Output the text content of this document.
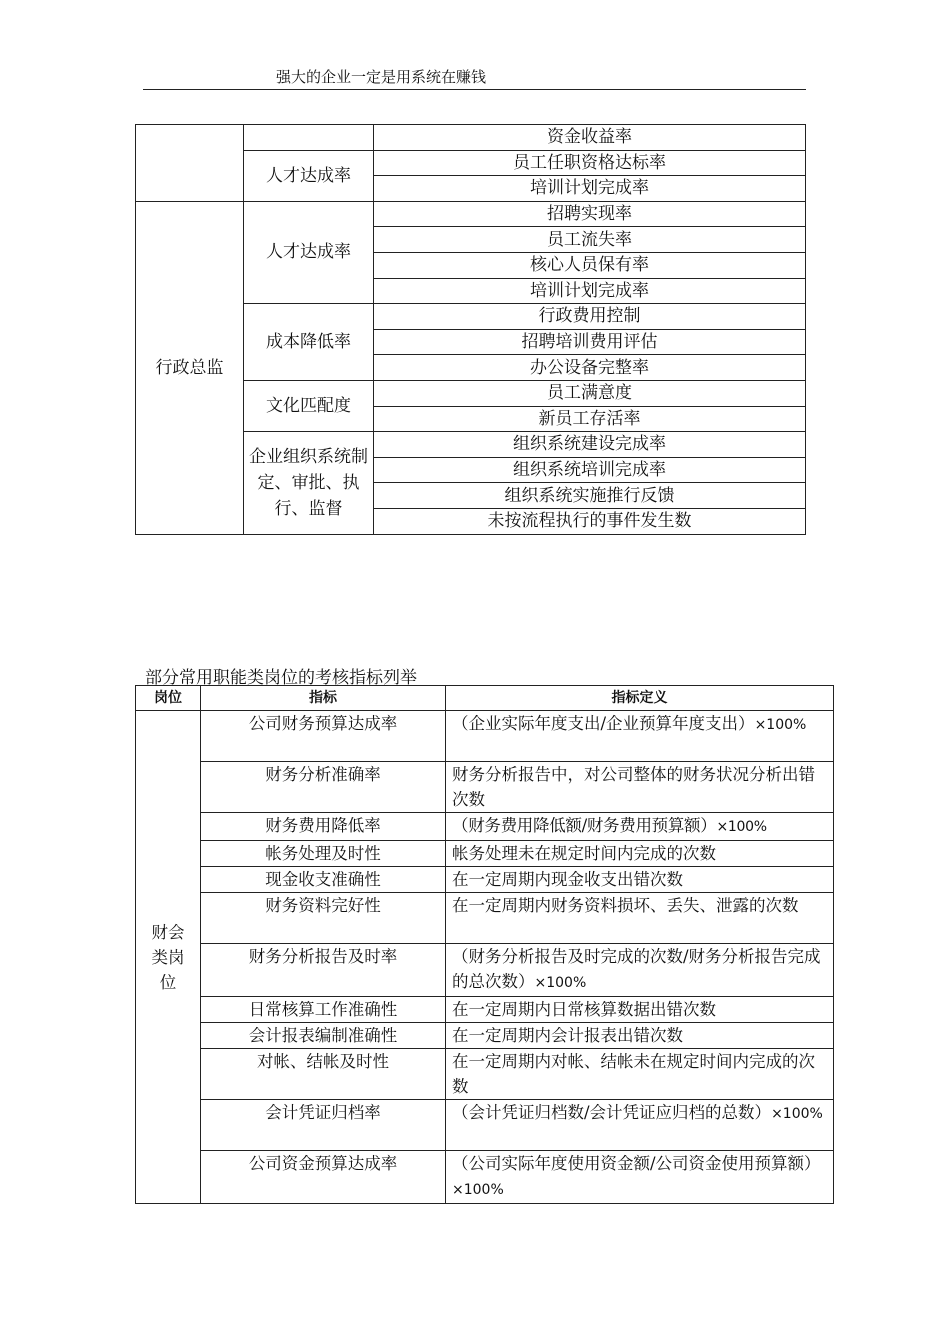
强大的企业一定是用系统在赚钱
		资金收益率
	人才达成率	员工任职资格达标率
		培训计划完成率
行政总监	人才达成率	招聘实现率
		员工流失率
		核心人员保有率
		培训计划完成率
	成本降低率	行政费用控制
		招聘培训费用评估
		办公设备完整率
	文化匹配度	员工满意度
		新员工存活率
	企业组织系统制定、审批、执行、监督	组织系统建设完成率
		组织系统培训完成率
		组织系统实施推行反馈
		未按流程执行的事件发生数
部分常用职能类岗位的考核指标列举
岗位	指标	指标定义

财会类岗位	公司财务预算达成率	（企业实际年度支出/企业预算年度支出）×100%
	财务分析准确率	财务分析报告中，对公司整体的财务状况分析出错次数
	财务费用降低率	（财务费用降低额/财务费用预算额）×100%
	帐务处理及时性	帐务处理未在规定时间内完成的次数
	现金收支准确性	在一定周期内现金收支出错次数
	财务资料完好性	在一定周期内财务资料损坏、丢失、泄露的次数
	财务分析报告及时率	（财务分析报告及时完成的次数/财务分析报告完成的总次数）×100%
	日常核算工作准确性	在一定周期内日常核算数据出错次数
	会计报表编制准确性	在一定周期内会计报表出错次数
	对帐、结帐及时性	在一定周期内对帐、结帐未在规定时间内完成的次数
	会计凭证归档率	（会计凭证归档数/会计凭证应归档的总数）×100%
	公司资金预算达成率	（公司实际年度使用资金额/公司资金使用预算额）×100%
